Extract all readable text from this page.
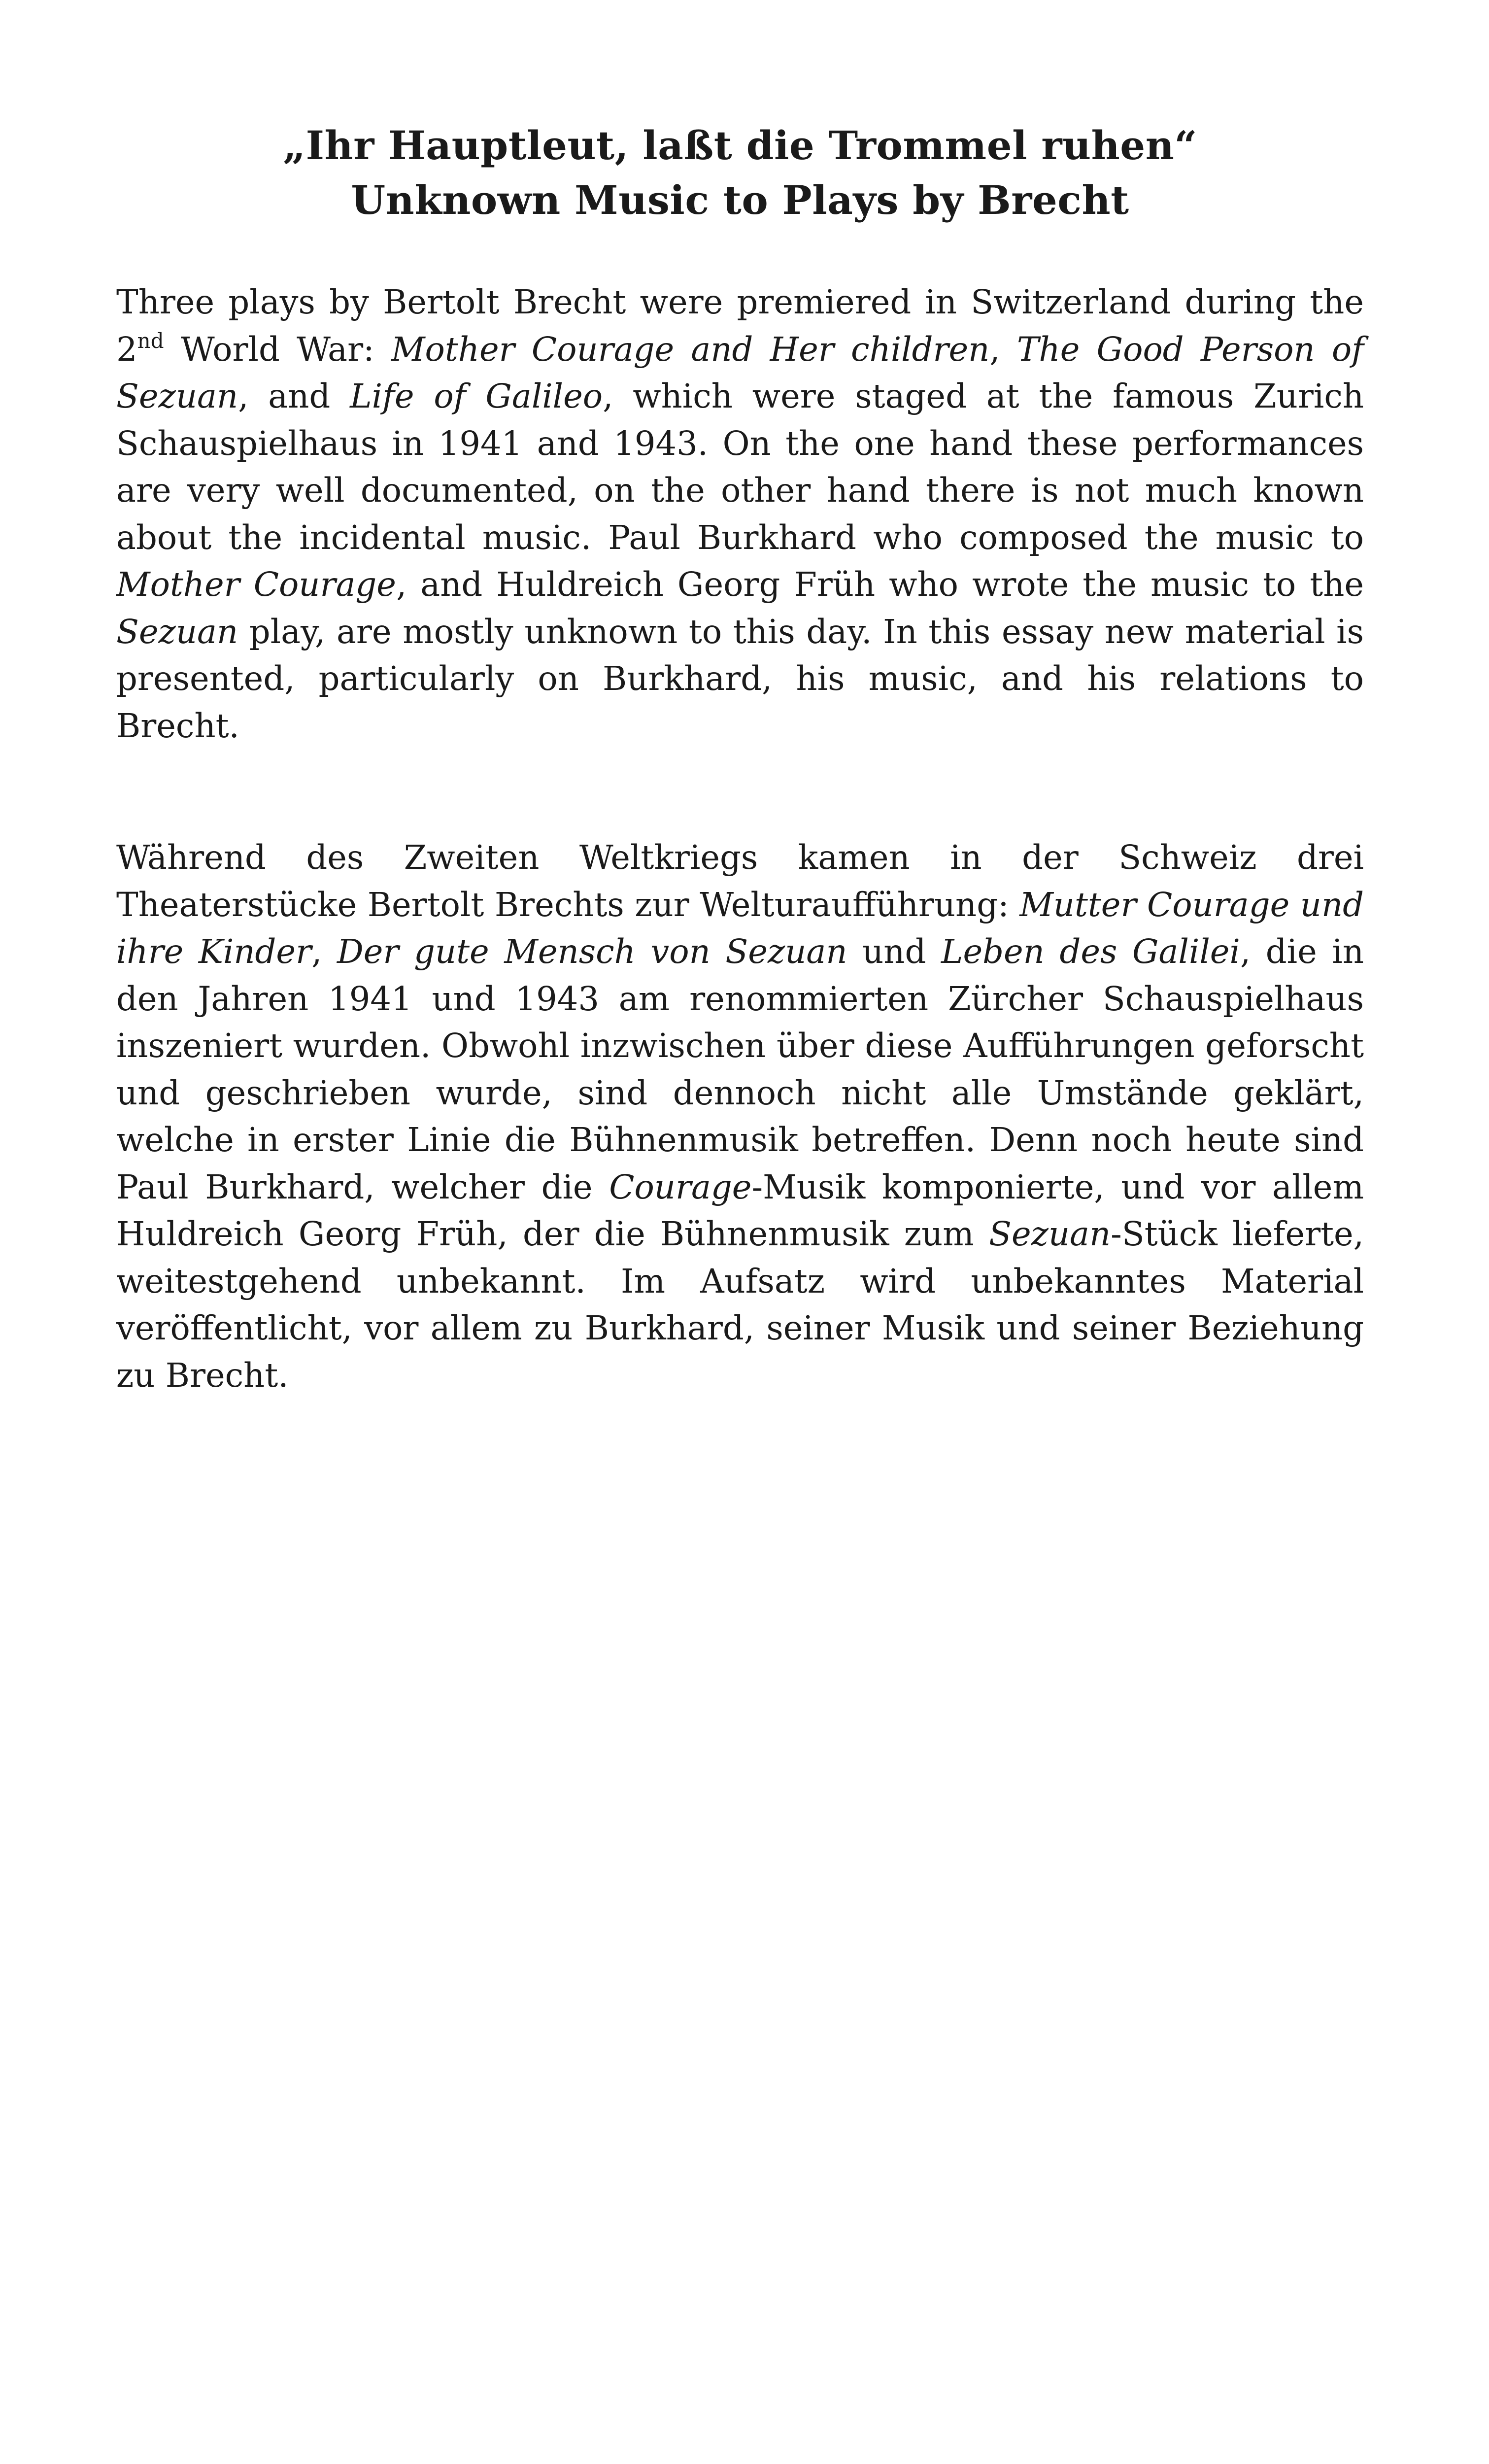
„Ihr Hauptleut, laßt die Trommel ruhen“
Unknown Music to Plays by Brecht

Three plays by Bertolt Brecht were premiered in Switzerland during the 2nd World War: Mother Courage and Her children, The Good Person of Sezuan, and Life of Galileo, which were staged at the famous Zurich Schauspielhaus in 1941 and 1943. On the one hand these performances are very well documented, on the other hand there is not much known about the incidental music. Paul Burkhard who composed the music to Mother Courage, and Huldreich Georg Früh who wrote the music to the Sezuan play, are mostly unknown to this day. In this essay new material is presented, particularly on Burkhard, his music, and his relations to Brecht.

Während des Zweiten Weltkriegs kamen in der Schweiz drei Theaterstücke Bertolt Brechts zur Welturaufführung: Mutter Courage und ihre Kinder, Der gute Mensch von Sezuan und Leben des Galilei, die in den Jahren 1941 und 1943 am renommierten Zürcher Schauspielhaus inszeniert wurden. Obwohl inzwischen über diese Aufführungen geforscht und geschrieben wurde, sind dennoch nicht alle Umstände geklärt, welche in erster Linie die Bühnenmusik betreffen. Denn noch heute sind Paul Burkhard, welcher die Courage-Musik komponierte, und vor allem Huldreich Georg Früh, der die Bühnenmusik zum Sezuan-Stück lieferte, weitestgehend unbekannt. Im Aufsatz wird unbekanntes Material veröffentlicht, vor allem zu Burkhard, seiner Musik und seiner Beziehung zu Brecht.
